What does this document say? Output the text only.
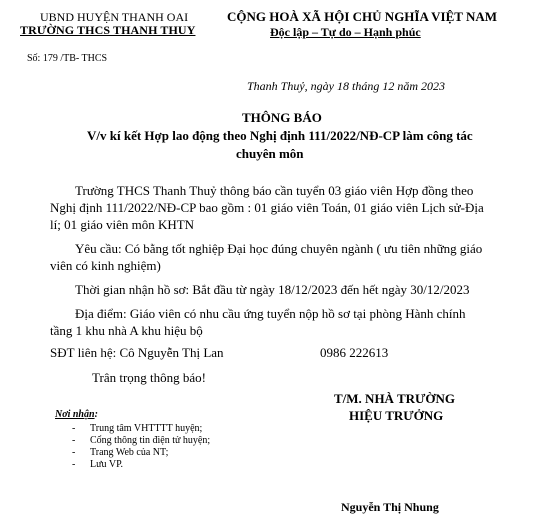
UBND HUYỆN THANH OAI
TRƯỜNG THCS THANH THUY
Số: 179 /TB- THCS
CỘNG HOÀ XÃ HỘI CHỦ NGHĨA VIỆT NAM
Độc lập – Tự do – Hạnh phúc
Thanh Thuỷ, ngày 18 tháng 12 năm 2023
THÔNG BÁO
V/v kí kết Hợp lao động theo Nghị định 111/2022/NĐ-CP làm công tác
chuyên môn
Trường THCS Thanh Thuỷ thông báo cần tuyển 03 giáo viên Hợp đồng theo
Nghị định 111/2022/NĐ-CP bao gồm : 01 giáo viên Toán, 01 giáo viên Lịch sử-Địa
lí; 01 giáo viên môn KHTN
Yêu cầu: Có bằng tốt nghiệp Đại học đúng chuyên ngành ( ưu tiên những giáo
viên có kinh nghiệm)
Thời gian nhận hồ sơ: Bắt đầu từ ngày 18/12/2023 đến hết ngày 30/12/2023
Địa điểm: Giáo viên có nhu cầu ứng tuyển nộp hồ sơ tại phòng Hành chính
tầng 1 khu nhà A khu hiệu bộ
SĐT liên hệ: Cô Nguyễn Thị Lan	0986 222613
Trân trọng thông báo!
T/M. NHÀ TRƯỜNG
HIỆU TRƯỞNG
Nguyễn Thị Nhung
Nơi nhận:
- Trung tâm VHTTTT huyện;
- Cổng thông tin điện tử huyện;
- Trang Web của NT;
- Lưu VP.
